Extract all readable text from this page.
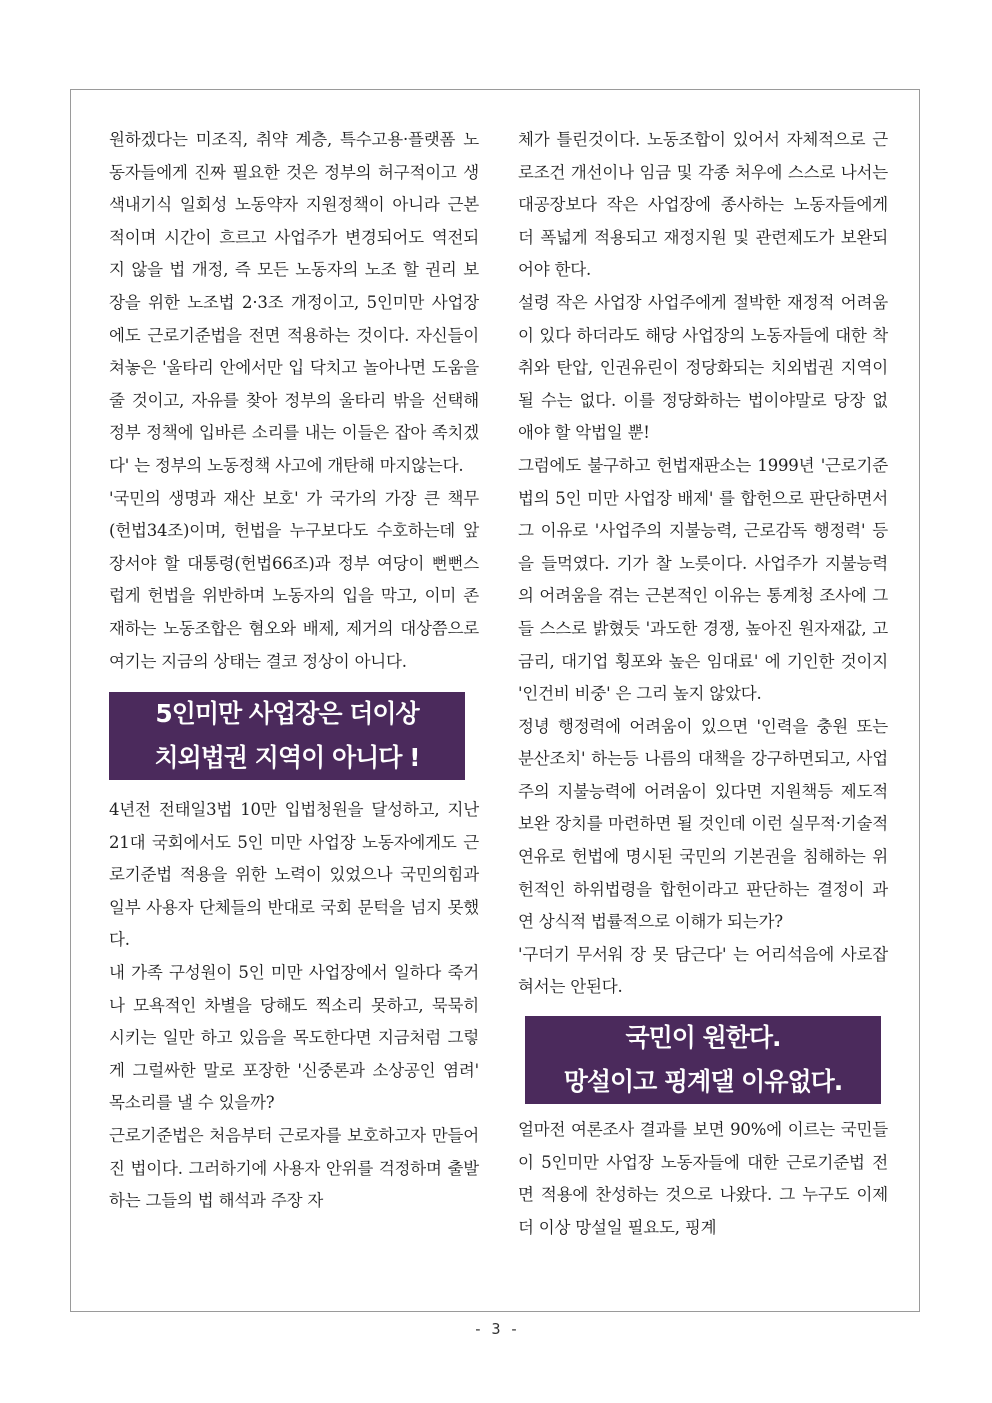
원하겠다는 미조직, 취약 계층, 특수고용·플랫폼 노동자들에게 진짜 필요한 것은 정부의 허구적이고 생색내기식 일회성 노동약자 지원정책이 아니라 근본적이며 시간이 흐르고 사업주가 변경되어도 역전되지 않을 법 개정, 즉 모든 노동자의 노조 할 권리 보장을 위한 노조법 2·3조 개정이고, 5인미만 사업장에도 근로기준법을 전면 적용하는 것이다. 자신들이 쳐놓은 '울타리 안에서만 입 닥치고 놀아나면 도움을 줄 것이고, 자유를 찾아 정부의 울타리 밖을 선택해 정부 정책에 입바른 소리를 내는 이들은 잡아 족치겠다' 는 정부의 노동정책 사고에 개탄해 마지않는다.

'국민의 생명과 재산 보호' 가 국가의 가장 큰 책무(헌법34조)이며, 헌법을 누구보다도 수호하는데 앞장서야 할 대통령(헌법66조)과 정부 여당이 뻔뻔스럽게 헌법을 위반하며 노동자의 입을 막고, 이미 존재하는 노동조합은 혐오와 배제, 제거의 대상쯤으로 여기는 지금의 상태는 결코 정상이 아니다.

5인미만 사업장은 더이상
치외법권 지역이 아니다 !

4년전 전태일3법 10만 입법청원을 달성하고, 지난 21대 국회에서도 5인 미만 사업장 노동자에게도 근로기준법 적용을 위한 노력이 있었으나 국민의힘과 일부 사용자 단체들의 반대로 국회 문턱을 넘지 못했다.

내 가족 구성원이 5인 미만 사업장에서 일하다 죽거나 모욕적인 차별을 당해도 찍소리 못하고, 묵묵히 시키는 일만 하고 있음을 목도한다면 지금처럼 그렇게 그럴싸한 말로 포장한 '신중론과 소상공인 염려' 목소리를 낼 수 있을까?

근로기준법은 처음부터 근로자를 보호하고자 만들어진 법이다. 그러하기에 사용자 안위를 걱정하며 출발하는 그들의 법 해석과 주장 자

체가 틀린것이다. 노동조합이 있어서 자체적으로 근로조건 개선이나 임금 및 각종 처우에 스스로 나서는 대공장보다 작은 사업장에 종사하는 노동자들에게 더 폭넓게 적용되고 재정지원 및 관련제도가 보완되어야 한다.

설령 작은 사업장 사업주에게 절박한 재정적 어려움이 있다 하더라도 해당 사업장의 노동자들에 대한 착취와 탄압, 인권유린이 정당화되는 치외법권 지역이 될 수는 없다. 이를 정당화하는 법이야말로 당장 없애야 할 악법일 뿐!

그럼에도 불구하고 헌법재판소는 1999년 '근로기준법의 5인 미만 사업장 배제' 를 합헌으로 판단하면서 그 이유로 '사업주의 지불능력, 근로감독 행정력' 등을 들먹였다. 기가 찰 노릇이다. 사업주가 지불능력의 어려움을 겪는 근본적인 이유는 통계청 조사에 그들 스스로 밝혔듯 '과도한 경쟁, 높아진 원자재값, 고금리, 대기업 횡포와 높은 임대료' 에 기인한 것이지 '인건비 비중' 은 그리 높지 않았다.

정녕 행정력에 어려움이 있으면 '인력을 충원 또는 분산조치' 하는등 나름의 대책을 강구하면되고, 사업주의 지불능력에 어려움이 있다면 지원책등 제도적 보완 장치를 마련하면 될 것인데 이런 실무적·기술적 연유로 헌법에 명시된 국민의 기본권을 침해하는 위헌적인 하위법령을 합헌이라고 판단하는 결정이 과연 상식적 법률적으로 이해가 되는가?

'구더기 무서워 장 못 담근다' 는 어리석음에 사로잡혀서는 안된다.

국민이 원한다.
망설이고 핑계댈 이유없다.

얼마전 여론조사 결과를 보면 90%에 이르는 국민들이 5인미만 사업장 노동자들에 대한 근로기준법 전면 적용에 찬성하는 것으로 나왔다. 그 누구도 이제 더 이상 망설일 필요도, 핑계

- 3 -
